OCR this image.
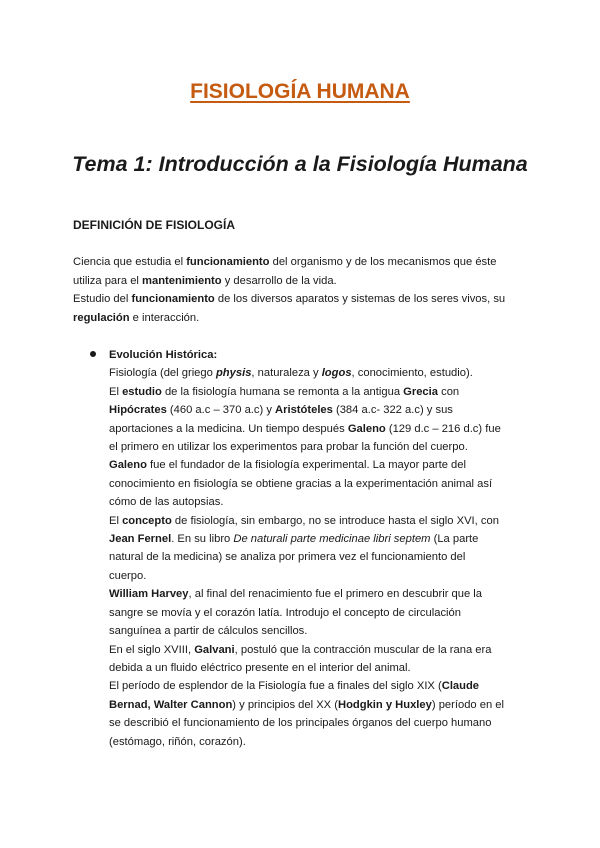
FISIOLOGÍA HUMANA
Tema 1: Introducción a la Fisiología Humana
DEFINICIÓN DE FISIOLOGÍA

Ciencia que estudia el funcionamiento del organismo y de los mecanismos que éste

utiliza para el mantenimiento y desarrollo de la vida.

Estudio del funcionamiento de los diversos aparatos y sistemas de los seres vivos, su

regulación e interacción.

Evolución Histórica:
Fisiología (del griego physis, naturaleza y logos, conocimiento, estudio).
El estudio de la fisiología humana se remonta a la antigua Grecia con
Hipócrates (460 a.c – 370 a.c) y Aristóteles (384 a.c- 322 a.c) y sus
aportaciones a la medicina. Un tiempo después Galeno (129 d.c – 216 d.c) fue
el primero en utilizar los experimentos para probar la función del cuerpo.
Galeno fue el fundador de la fisiología experimental. La mayor parte del
conocimiento en fisiología se obtiene gracias a la experimentación animal así
cómo de las autopsias.
El concepto de fisiología, sin embargo, no se introduce hasta el siglo XVI, con
Jean Fernel. En su libro De naturali parte medicinae libri septem (La parte
natural de la medicina) se analiza por primera vez el funcionamiento del
cuerpo.
William Harvey, al final del renacimiento fue el primero en descubrir que la
sangre se movía y el corazón latía. Introdujo el concepto de circulación
sanguínea a partir de cálculos sencillos.
En el siglo XVIII, Galvani, postuló que la contracción muscular de la rana era
debida a un fluido eléctrico presente en el interior del animal.
El período de esplendor de la Fisiología fue a finales del siglo XIX (Claude
Bernad, Walter Cannon) y principios del XX (Hodgkin y Huxley) período en el
se describió el funcionamiento de los principales órganos del cuerpo humano
(estómago, riñón, corazón).
